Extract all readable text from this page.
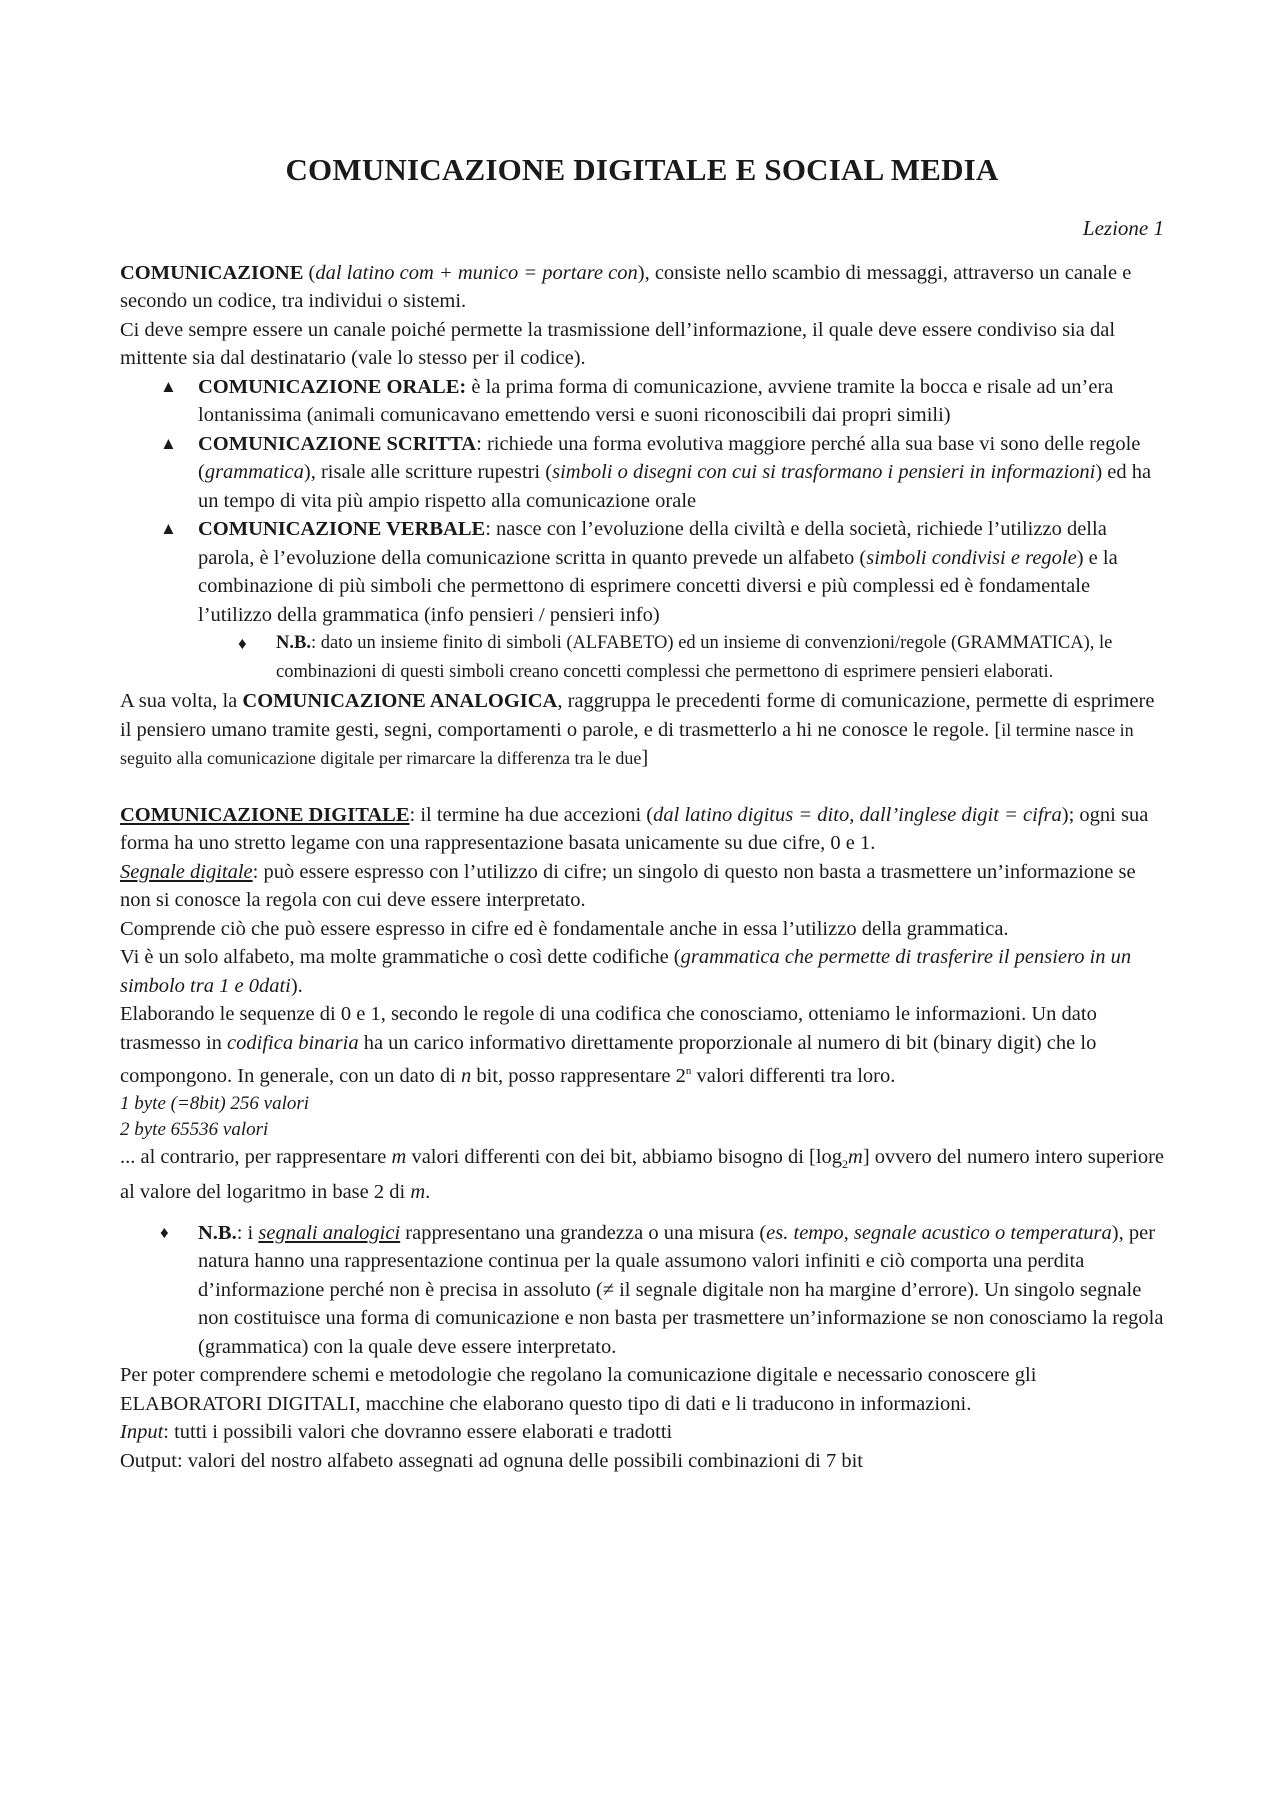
COMUNICAZIONE DIGITALE E SOCIAL MEDIA
Lezione 1

COMUNICAZIONE (dal latino com + munico = portare con), consiste nello scambio di messaggi, attraverso un canale e secondo un codice, tra individui o sistemi.

Ci deve sempre essere un canale poiché permette la trasmissione dell’informazione, il quale deve essere condiviso sia dal mittente sia dal destinatario (vale lo stesso per il codice).

▲ COMUNICAZIONE ORALE: è la prima forma di comunicazione, avviene tramite la bocca e risale ad un’era lontanissima (animali comunicavano emettendo versi e suoni riconoscibili dai propri simili)
▲ COMUNICAZIONE SCRITTA: richiede una forma evolutiva maggiore perché alla sua base vi sono delle regole (grammatica), risale alle scritture rupestri (simboli o disegni con cui si trasformano i pensieri in informazioni) ed ha un tempo di vita più ampio rispetto alla comunicazione orale
▲ COMUNICAZIONE VERBALE: nasce con l’evoluzione della civiltà e della società, richiede l’utilizzo della parola, è l’evoluzione della comunicazione scritta in quanto prevede un alfabeto (simboli condivisi e regole) e la combinazione di più simboli che permettono di esprimere concetti diversi e più complessi ed è fondamentale l’utilizzo della grammatica (info pensieri / pensieri info)
♦ N.B.: dato un insieme finito di simboli (ALFABETO) ed un insieme di convenzioni/regole (GRAMMATICA), le combinazioni di questi simboli creano concetti complessi che permettono di esprimere pensieri elaborati.

A sua volta, la COMUNICAZIONE ANALOGICA, raggruppa le precedenti forme di comunicazione, permette di esprimere il pensiero umano tramite gesti, segni, comportamenti o parole, e di trasmetterlo a hi ne conosce le regole. [il termine nasce in seguito alla comunicazione digitale per rimarcare la differenza tra le due]

COMUNICAZIONE DIGITALE: il termine ha due accezioni (dal latino digitus = dito, dall’inglese digit = cifra); ogni sua forma ha uno stretto legame con una rappresentazione basata unicamente su due cifre, 0 e 1.

Segnale digitale: può essere espresso con l’utilizzo di cifre; un singolo di questo non basta a trasmettere un’informazione se non si conosce la regola con cui deve essere interpretato.

Comprende ciò che può essere espresso in cifre ed è fondamentale anche in essa l’utilizzo della grammatica.

Vi è un solo alfabeto, ma molte grammatiche o così dette codifiche (grammatica che permette di trasferire il pensiero in un simbolo tra 1 e 0dati).

Elaborando le sequenze di 0 e 1, secondo le regole di una codifica che conosciamo, otteniamo le informazioni. Un dato trasmesso in codifica binaria ha un carico informativo direttamente proporzionale al numero di bit (binary digit) che lo compongono. In generale, con un dato di n bit, posso rappresentare 2$^n$ valori differenti tra loro.

1 byte (=8bit) 256 valori
2 byte 65536 valori

... al contrario, per rappresentare m valori differenti con dei bit, abbiamo bisogno di $[\log_2m]$ ovvero del numero intero superiore al valore del logaritmo in base 2 di m.

♦ N.B.: i segnali analogici rappresentano una grandezza o una misura (es. tempo, segnale acustico o temperatura), per natura hanno una rappresentazione continua per la quale assumono valori infiniti e ciò comporta una perdita d’informazione perché non è precisa in assoluto (≠ il segnale digitale non ha margine d’errore). Un singolo segnale non costituisce una forma di comunicazione e non basta per trasmettere un’informazione se non conosciamo la regola (grammatica) con la quale deve essere interpretato.

Per poter comprendere schemi e metodologie che regolano la comunicazione digitale e necessario conoscere gli ELABORATORI DIGITALI, macchine che elaborano questo tipo di dati e li traducono in informazioni.

Input: tutti i possibili valori che dovranno essere elaborati e tradotti

Output: valori del nostro alfabeto assegnati ad ognuna delle possibili combinazioni di 7 bit
